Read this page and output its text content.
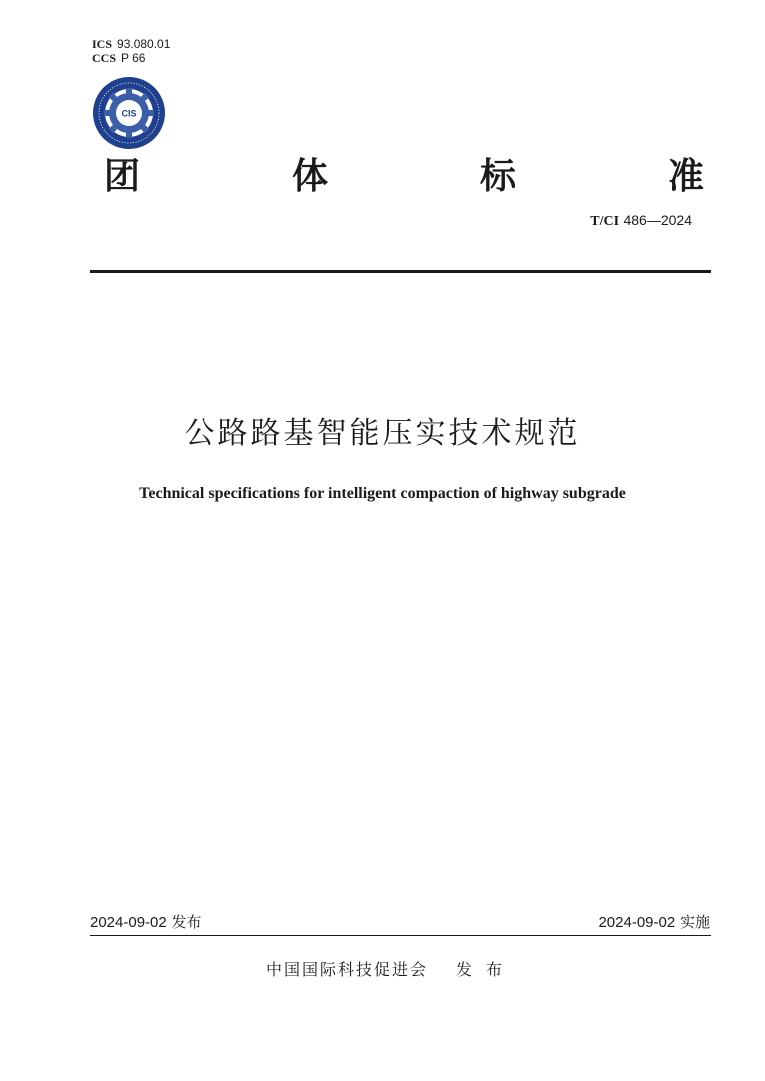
ICS 93.080.01
CCS P 66
CIS
团	体	标	准
T/CI 486—2024
公路路基智能压实技术规范
Technical specifications for intelligent compaction of highway subgrade
2024-09-02 发布	2024-09-02 实施
中国国际科技促进会 发布
